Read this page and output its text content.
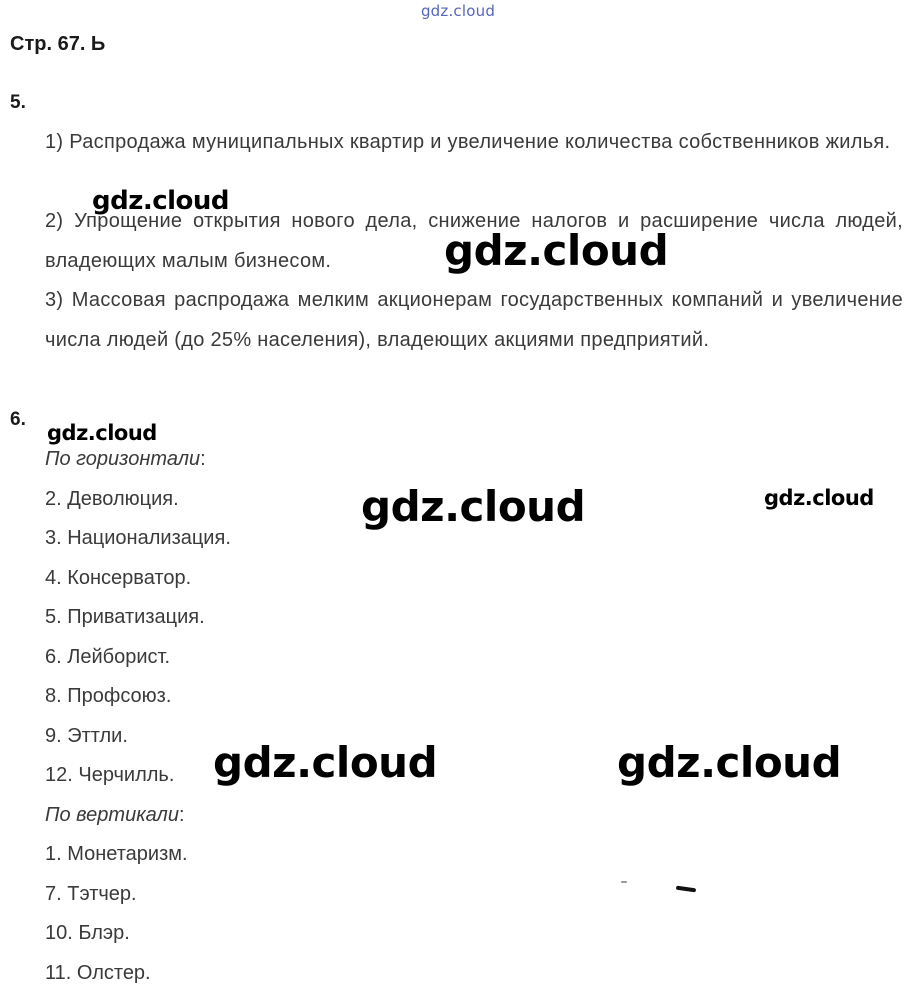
gdz.cloud
Стр. 67. Ь
5.
1) Распродажа муниципальных квартир и увеличение количества собственников жилья.
2) Упрощение открытия нового дела, снижение налогов и расширение числа людей, владеющих малым бизнесом.
3) Массовая распродажа мелким акционерам государственных компаний и увеличение числа людей (до 25% населения), владеющих акциями предприятий.
6.
По горизонтали:
2. Деволюция.
3. Национализация.
4. Консерватор.
5. Приватизация.
6. Лейборист.
8. Профсоюз.
9. Эттли.
12. Черчилль.
По вертикали:
1. Монетаризм.
7. Тэтчер.
10. Блэр.
11. Олстер.
gdz.cloud
gdz.cloud
gdz.cloud
gdz.cloud	gdz.cloud
gdz.cloud	gdz.cloud
